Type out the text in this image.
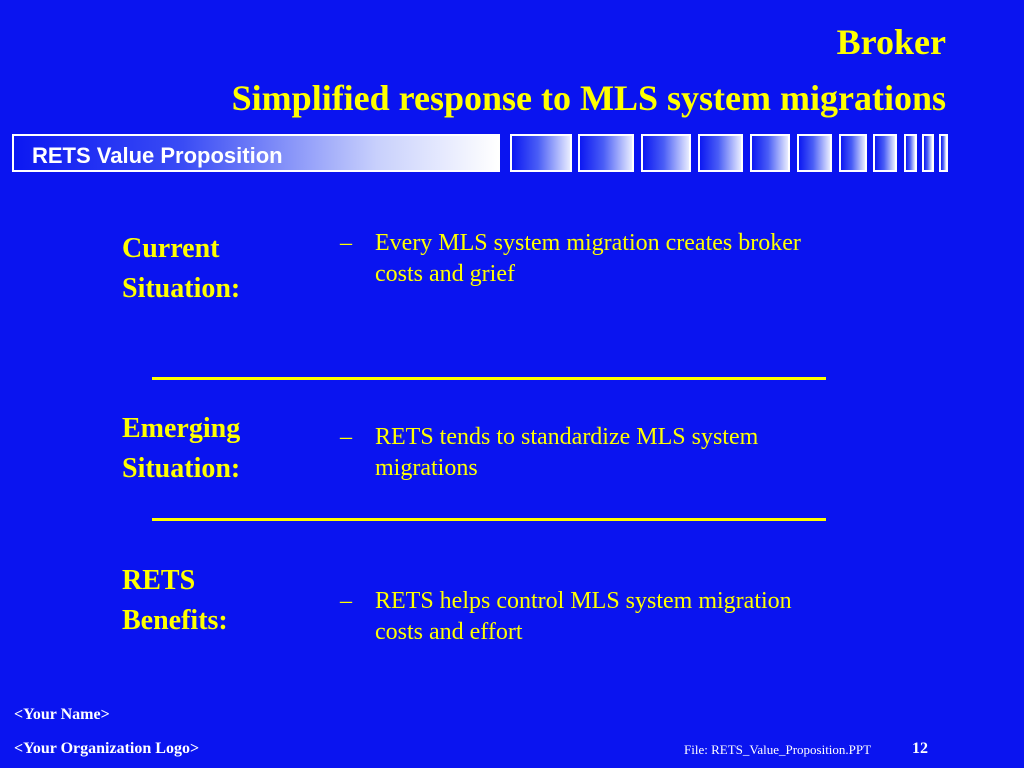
Broker
Simplified response to MLS system migrations
RETS Value Proposition
Current
Situation:
– Every MLS system migration creates broker
costs and grief
Emerging
Situation:
– RETS tends to standardize MLS system
migrations
RETS
Benefits:
– RETS helps control MLS system migration
costs and effort
<Your Name>
<Your Organization Logo>	File: RETS_Value_Proposition.PPT	12
